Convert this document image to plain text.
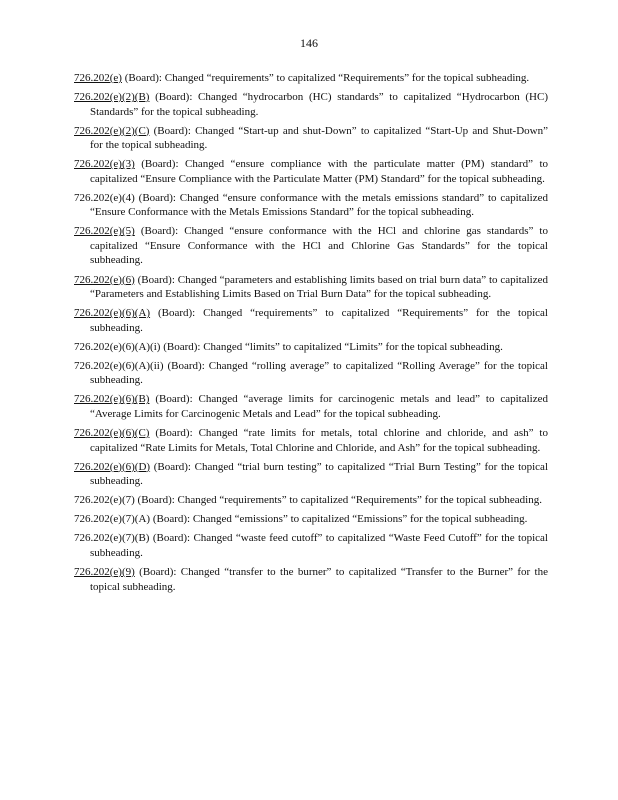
146

726.202(e) (Board): Changed “requirements” to capitalized “Requirements” for the topical subheading.

726.202(e)(2)(B) (Board): Changed “hydrocarbon (HC) standards” to capitalized “Hydrocarbon (HC) Standards” for the topical subheading.

726.202(e)(2)(C) (Board): Changed “Start-up and shut-Down” to capitalized “Start-Up and Shut-Down” for the topical subheading.

726.202(e)(3) (Board): Changed “ensure compliance with the particulate matter (PM) standard” to capitalized “Ensure Compliance with the Particulate Matter (PM) Standard” for the topical subheading.

726.202(e)(4) (Board): Changed “ensure conformance with the metals emissions standard” to capitalized “Ensure Conformance with the Metals Emissions Standard” for the topical subheading.

726.202(e)(5) (Board): Changed “ensure conformance with the HCl and chlorine gas standards” to capitalized “Ensure Conformance with the HCl and Chlorine Gas Standards” for the topical subheading.

726.202(e)(6) (Board): Changed “parameters and establishing limits based on trial burn data” to capitalized “Parameters and Establishing Limits Based on Trial Burn Data” for the topical subheading.

726.202(e)(6)(A) (Board): Changed “requirements” to capitalized “Requirements” for the topical subheading.

726.202(e)(6)(A)(i) (Board): Changed “limits” to capitalized “Limits” for the topical subheading.

726.202(e)(6)(A)(ii) (Board): Changed “rolling average” to capitalized “Rolling Average” for the topical subheading.

726.202(e)(6)(B) (Board): Changed “average limits for carcinogenic metals and lead” to capitalized “Average Limits for Carcinogenic Metals and Lead” for the topical subheading.

726.202(e)(6)(C) (Board): Changed “rate limits for metals, total chlorine and chloride, and ash” to capitalized “Rate Limits for Metals, Total Chlorine and Chloride, and Ash” for the topical subheading.

726.202(e)(6)(D) (Board): Changed “trial burn testing” to capitalized “Trial Burn Testing” for the topical subheading.

726.202(e)(7) (Board): Changed “requirements” to capitalized “Requirements” for the topical subheading.

726.202(e)(7)(A) (Board): Changed “emissions” to capitalized “Emissions” for the topical subheading.

726.202(e)(7)(B) (Board): Changed “waste feed cutoff” to capitalized “Waste Feed Cutoff” for the topical subheading.

726.202(e)(9) (Board): Changed “transfer to the burner” to capitalized “Transfer to the Burner” for the topical subheading.
